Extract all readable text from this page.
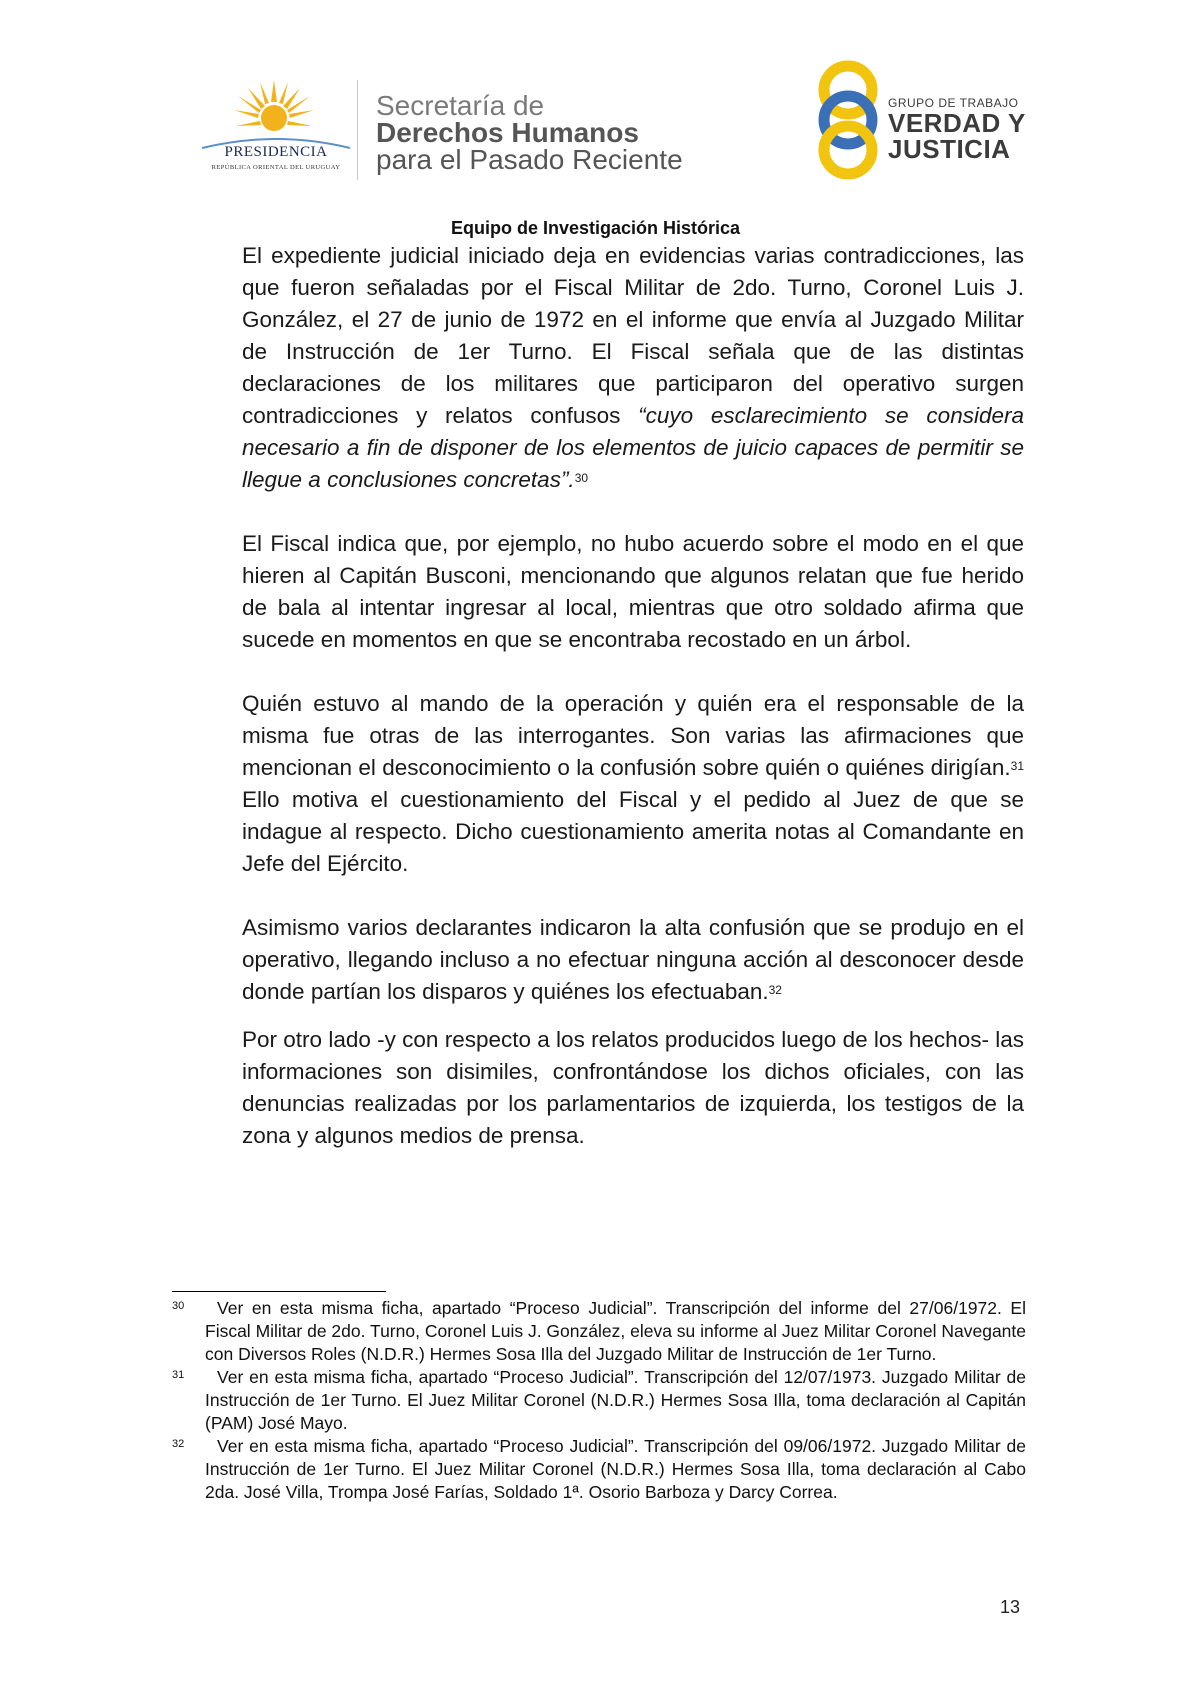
PRESIDENCIA
REPÚBLICA ORIENTAL DEL URUGUAY
Secretaría de
Derechos Humanos
para el Pasado Reciente
GRUPO DE TRABAJO
VERDAD Y
JUSTICIA
Equipo de Investigación Histórica

El expediente judicial iniciado deja en evidencias varias contradicciones, las que fueron señaladas por el Fiscal Militar de 2do. Turno, Coronel Luis J. González, el 27 de junio de 1972 en el informe que envía al Juzgado Militar de Instrucción de 1er Turno. El Fiscal señala que de las distintas declaraciones de los militares que participaron del operativo surgen contradicciones y relatos confusos “cuyo esclarecimiento se considera necesario a fin de disponer de los elementos de juicio capaces de permitir se llegue a conclusiones concretas”.$^{30}$

El Fiscal indica que, por ejemplo, no hubo acuerdo sobre el modo en el que hieren al Capitán Busconi, mencionando que algunos relatan que fue herido de bala al intentar ingresar al local, mientras que otro soldado afirma que sucede en momentos en que se encontraba recostado en un árbol.

Quién estuvo al mando de la operación y quién era el responsable de la misma fue otras de las interrogantes. Son varias las afirmaciones que mencionan el desconocimiento o la confusión sobre quién o quiénes dirigían.$^{31}$ Ello motiva el cuestionamiento del Fiscal y el pedido al Juez de que se indague al respecto. Dicho cuestionamiento amerita notas al Comandante en Jefe del Ejército.

Asimismo varios declarantes indicaron la alta confusión que se produjo en el operativo, llegando incluso a no efectuar ninguna acción al desconocer desde donde partían los disparos y quiénes los efectuaban.$^{32}$

Por otro lado -y con respecto a los relatos producidos luego de los hechos- las informaciones son disimiles, confrontándose los dichos oficiales, con las denuncias realizadas por los parlamentarios de izquierda, los testigos de la zona y algunos medios de prensa.

30 Ver en esta misma ficha, apartado “Proceso Judicial”. Transcripción del informe del 27/06/1972. El Fiscal Militar de 2do. Turno, Coronel Luis J. González, eleva su informe al Juez Militar Coronel Navegante con Diversos Roles (N.D.R.) Hermes Sosa Illa del Juzgado Militar de Instrucción de 1er Turno.
31 Ver en esta misma ficha, apartado “Proceso Judicial”. Transcripción del 12/07/1973. Juzgado Militar de Instrucción de 1er Turno. El Juez Militar Coronel (N.D.R.) Hermes Sosa Illa, toma declaración al Capitán (PAM) José Mayo.
32 Ver en esta misma ficha, apartado “Proceso Judicial”. Transcripción del 09/06/1972. Juzgado Militar de Instrucción de 1er Turno. El Juez Militar Coronel (N.D.R.) Hermes Sosa Illa, toma declaración al Cabo 2da. José Villa, Trompa José Farías, Soldado 1ª. Osorio Barboza y Darcy Correa.
13
